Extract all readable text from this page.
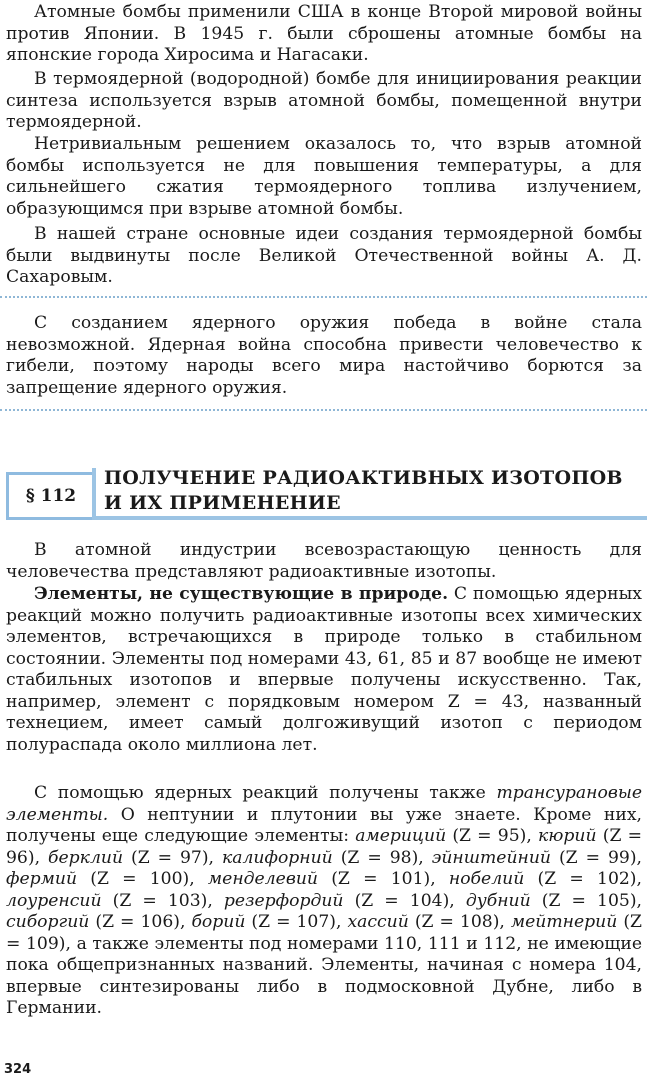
Атомные бомбы применили США в конце Второй мировой войны против Японии. В 1945 г. были сброшены атомные бомбы на японские города Хиросима и Нагасаки.

В термоядерной (водородной) бомбе для инициирования реакции синтеза используется взрыв атомной бомбы, помещенной внутри термоядерной.

Нетривиальным решением оказалось то, что взрыв атомной бомбы используется не для повышения температуры, а для сильнейшего сжатия термоядерного топлива излучением, образующимся при взрыве атомной бомбы.

В нашей стране основные идеи создания термоядерной бомбы были выдвинуты после Великой Отечественной войны А. Д. Сахаровым.

С созданием ядерного оружия победа в войне стала невозможной. Ядерная война способна привести человечество к гибели, поэтому народы всего мира настойчиво борются за запрещение ядерного оружия.

§ 112
ПОЛУЧЕНИЕ РАДИОАКТИВНЫХ ИЗОТОПОВ
И ИХ ПРИМЕНЕНИЕ

В атомной индустрии всевозрастающую ценность для человечества представляют радиоактивные изотопы.

Элементы, не существующие в природе. С помощью ядерных реакций можно получить радиоактивные изотопы всех химических элементов, встречающихся в природе только в стабильном состоянии. Элементы под номерами 43, 61, 85 и 87 вообще не имеют стабильных изотопов и впервые получены искусственно. Так, например, элемент с порядковым номером Z = 43, названный технецием, имеет самый долгоживущий изотоп с периодом полураспада около миллиона лет.

С помощью ядерных реакций получены также трансурановые элементы. О нептунии и плутонии вы уже знаете. Кроме них, получены еще следующие элементы: америций (Z = 95), кюрий (Z = 96), берклий (Z = 97), калифорний (Z = 98), эйнштейний (Z = 99), фермий (Z = 100), менделевий (Z = 101), нобелий (Z = 102), лоуренсий (Z = 103), резерфордий (Z = 104), дубний (Z = 105), сиборгий (Z = 106), борий (Z = 107), хассий (Z = 108), мейтнерий (Z = 109), а также элементы под номерами 110, 111 и 112, не имеющие пока общепризнанных названий. Элементы, начиная с номера 104, впервые синтезированы либо в подмосковной Дубне, либо в Германии.

324
